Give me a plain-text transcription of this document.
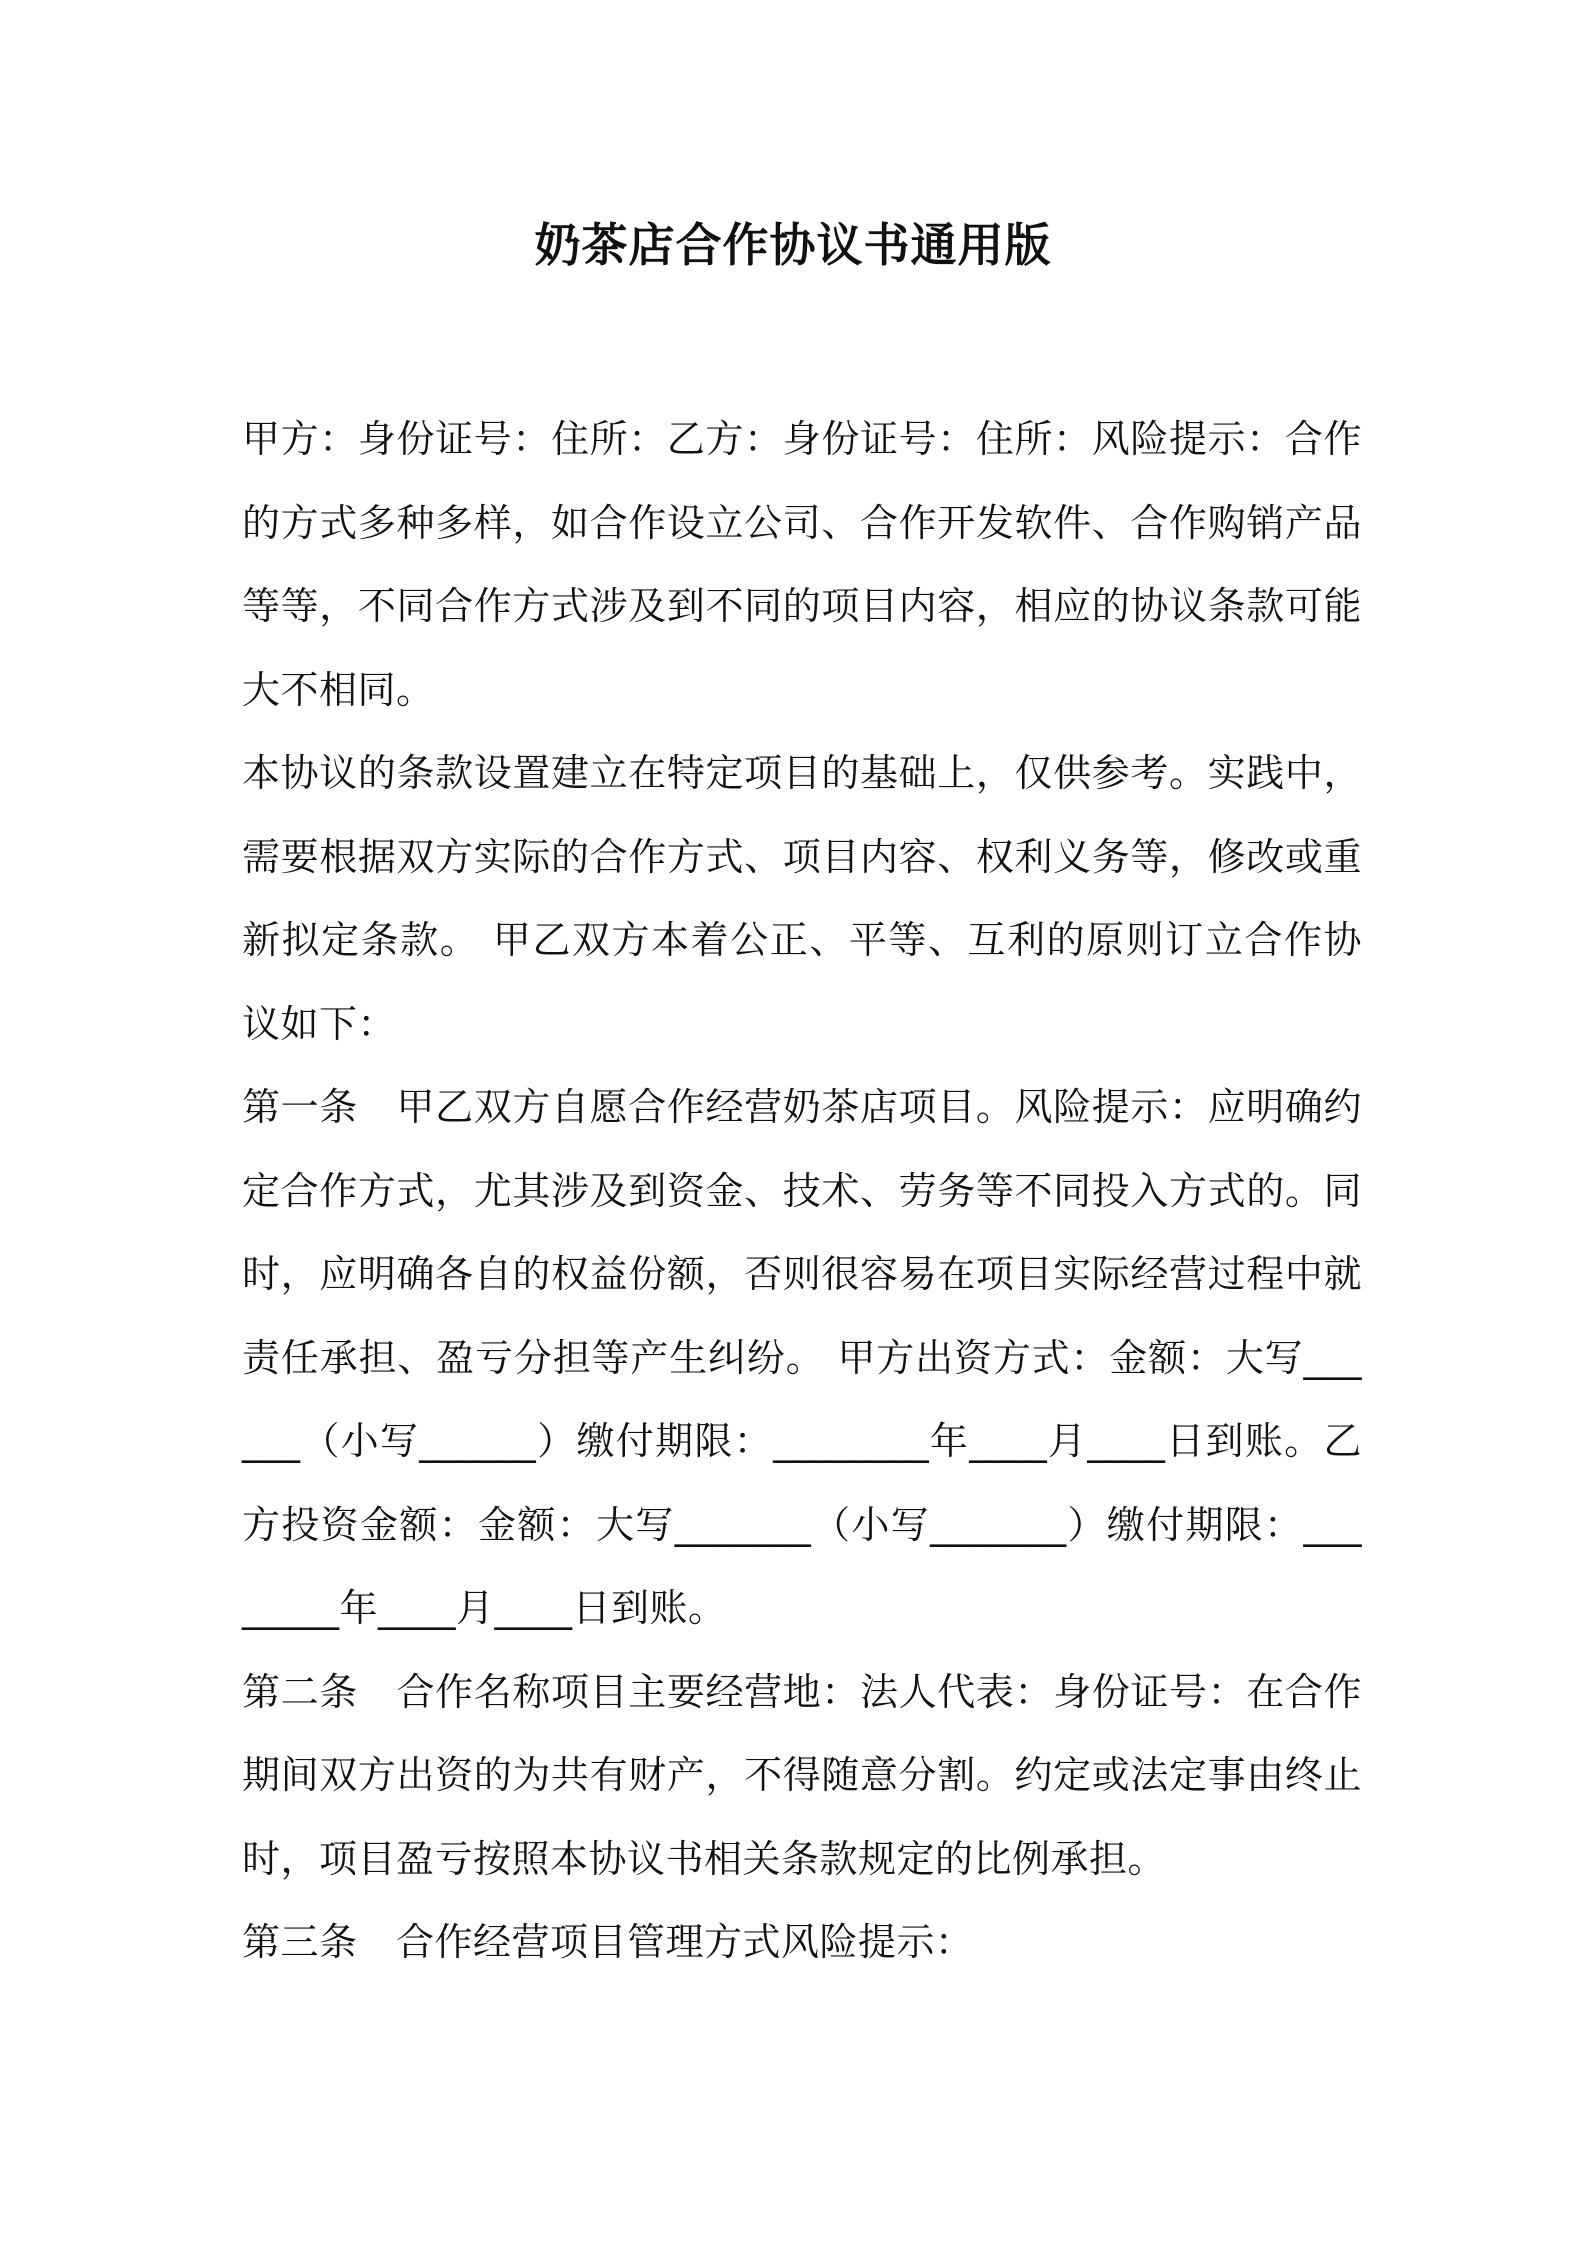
奶茶店合作协议书通用版

甲方：身份证号：住所：乙方：身份证号：住所：风险提示：合作的方式多种多样，如合作设立公司、合作开发软件、合作购销产品等等，不同合作方式涉及到不同的项目内容，相应的协议条款可能大不相同。

本协议的条款设置建立在特定项目的基础上，仅供参考。实践中，需要根据双方实际的合作方式、项目内容、权利义务等，修改或重新拟定条款。 甲乙双方本着公正、平等、互利的原则订立合作协议如下：

第一条　甲乙双方自愿合作经营奶茶店项目。风险提示：应明确约定合作方式，尤其涉及到资金、技术、劳务等不同投入方式的。同时，应明确各自的权益份额，否则很容易在项目实际经营过程中就责任承担、盈亏分担等产生纠纷。 甲方出资方式：金额：大写______（小写______）缴付期限：________年____月____日到账。乙方投资金额：金额：大写_______（小写_______）缴付期限：________年____月____日到账。

第二条　合作名称项目主要经营地：法人代表：身份证号：在合作期间双方出资的为共有财产，不得随意分割。约定或法定事由终止时，项目盈亏按照本协议书相关条款规定的比例承担。

第三条　合作经营项目管理方式风险提示：
